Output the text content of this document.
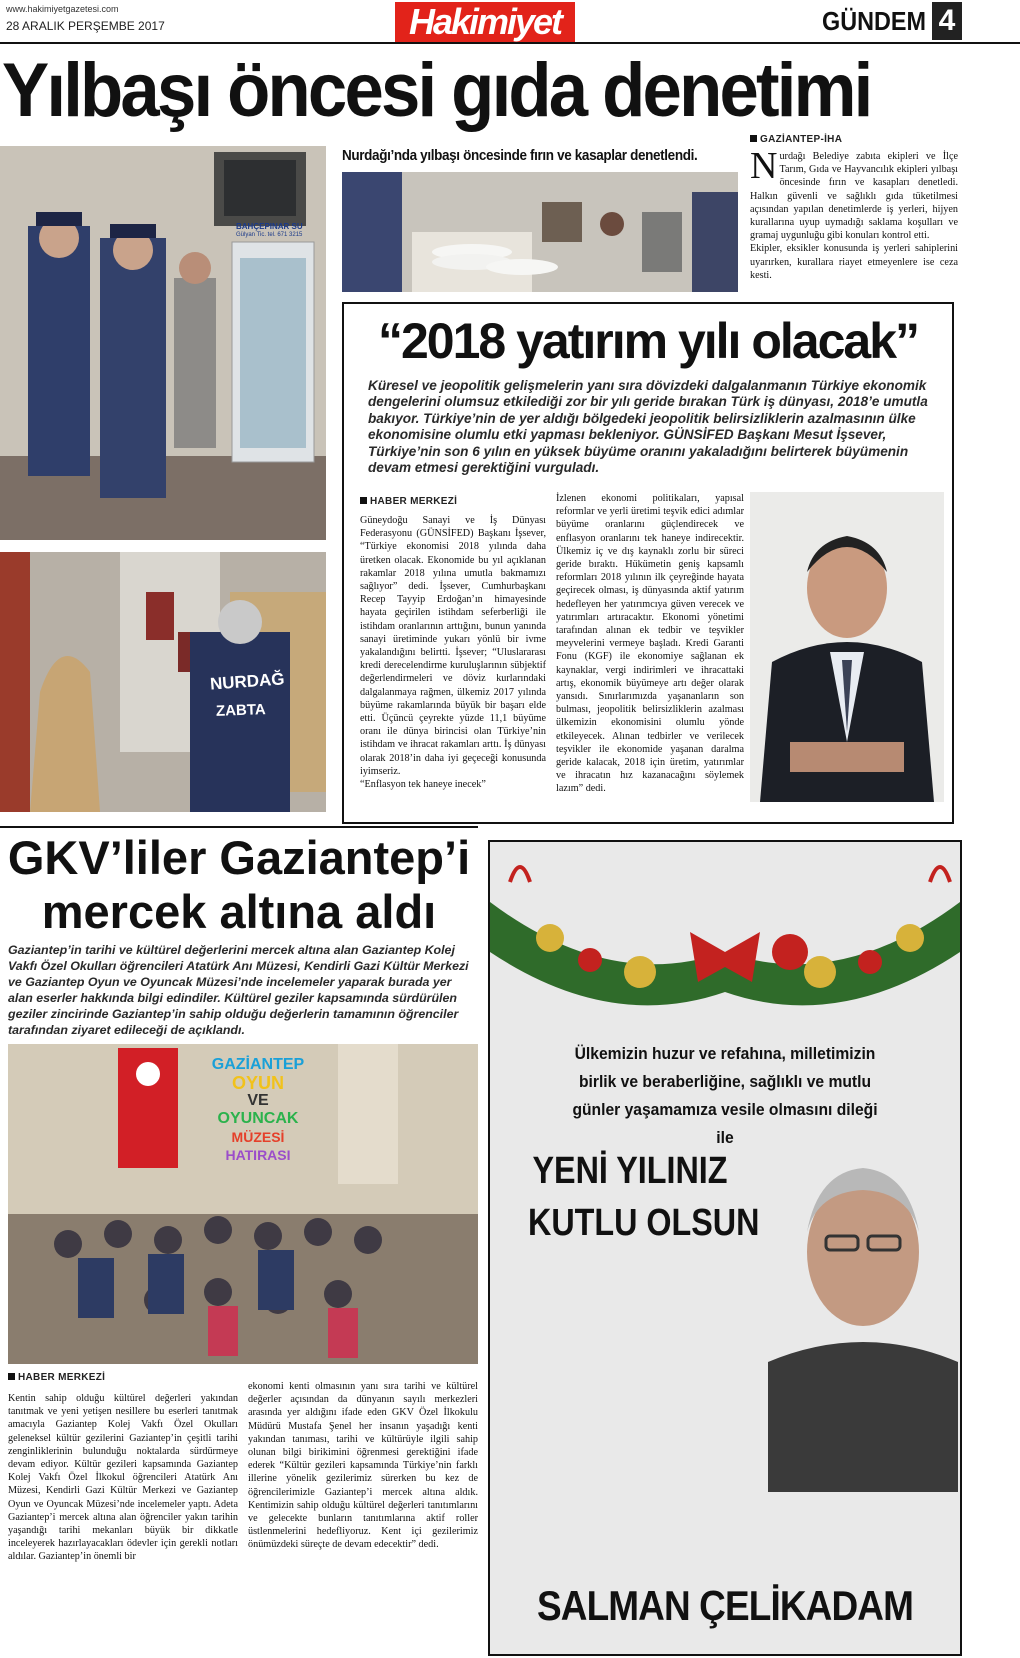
www.hakimiyetgazetesi.com
28 ARALIK PERŞEMBE 2017	Hakimiyet	GÜNDEM 4
Yılbaşı öncesi gıda denetimi
BAHÇEPINAR SU
Gülyan Tic. tel. 671 3215
NURDAĞ
ZABTA
Nurdağı’nda yılbaşı öncesinde fırın ve kasaplar denetlendi.
GAZİANTEP-İHA
N urdağı Belediye zabıta ekipleri ve İlçe Tarım, Gıda ve Hayvancılık ekipleri yılbaşı öncesinde fırın ve kasapları denetledi. Halkın güvenli ve sağlıklı gıda tüketilmesi açısından yapılan denetimlerde iş yerleri, hijyen kurallarına uyup uymadığı saklama koşulları ve gramaj uygunluğu gibi konuları kontrol etti.

Ekipler, eksikler konusunda iş yerleri sahiplerini uyarırken, kurallara riayet etmeyenlere ise ceza kesti.

“2018 yatırım yılı olacak”
Küresel ve jeopolitik gelişmelerin yanı sıra dövizdeki dalgalanmanın Türkiye ekonomik dengelerini olumsuz etkilediği zor bir yılı geride bırakan Türk iş dünyası, 2018’e umutla bakıyor. Türkiye’nin de yer aldığı bölgedeki jeopolitik belirsizliklerin azalmasının ülke ekonomisine olumlu etki yapması bekleniyor. GÜNSİFED Başkanı Mesut İşsever, Türkiye’nin son 6 yılın en yüksek büyüme oranını yakaladığını belirterek büyümenin devam etmesi gerektiğini vurguladı.
HABER MERKEZİ

Güneydoğu Sanayi ve İş Dünyası Federasyonu (GÜNSİFED) Başkanı İşsever, “Türkiye ekonomisi 2018 yılında daha üretken olacak. Ekonomide bu yıl açıklanan rakamlar 2018 yılına umutla bakmamızı sağlıyor” dedi. İşsever, Cumhurbaşkanı Recep Tayyip Erdoğan’ın himayesinde hayata geçirilen istihdam seferberliği ile istihdam oranlarının arttığını, bunun yanında sanayi üretiminde yukarı yönlü bir ivme yakalandığını belirtti. İşsever; “Uluslararası kredi derecelendirme kuruluşlarının sübjektif değerlendirmeleri ve döviz kurlarındaki dalgalanmaya rağmen, ülkemiz 2017 yılında büyüme rakamlarında büyük bir başarı elde etti. Üçüncü çeyrekte yüzde 11,1 büyüme oranı ile dünya birincisi olan Türkiye’nin istihdam ve ihracat rakamları arttı. İş dünyası olarak 2018’in daha iyi geçeceği konusunda iyimseriz.

“Enflasyon tek haneye inecek”

İzlenen ekonomi politikaları, yapısal reformlar ve yerli üretimi teşvik edici adımlar büyüme oranlarını güçlendirecek ve enflasyon oranlarını tek haneye indirecektir. Ülkemiz iç ve dış kaynaklı zorlu bir süreci geride bıraktı. Hükümetin geniş kapsamlı reformları 2018 yılının ilk çeyreğinde hayata geçirecek olması, iş dünyasında aktif yatırım hedefleyen her yatırımcıya güven verecek ve yatırımları artıracaktır. Ekonomi yönetimi tarafından alınan ek tedbir ve teşvikler meyvelerini vermeye başladı. Kredi Garanti Fonu (KGF) ile ekonomiye sağlanan ek kaynaklar, vergi indirimleri ve ihracattaki artış, ekonomik büyümeye artı değer olarak yansıdı. Sınırlarımızda yaşananların son bulması, jeopolitik belirsizliklerin azalması ülkemizin ekonomisini olumlu yönde etkileyecek. Alınan tedbirler ve verilecek teşvikler ile ekonomide yaşanan daralma geride kalacak, 2018 için üretim, yatırımlar ve ihracatın hız kazanacağını söylemek lazım” dedi.

GKV’liler Gaziantep’i
mercek altına aldı
Gaziantep’in tarihi ve kültürel değerlerini mercek altına alan Gaziantep Kolej Vakfı Özel Okulları öğrencileri Atatürk Anı Müzesi, Kendirli Gazi Kültür Merkezi ve Gaziantep Oyun ve Oyuncak Müzesi’nde incelemeler yaparak burada yer alan eserler hakkında bilgi edindiler. Kültürel geziler kapsamında sürdürülen geziler zincirinde Gaziantep’in sahip olduğu değerlerin tamamının öğrenciler tarafından ziyaret edileceği de açıklandı.
GAZİANTEP
OYUN
VE
OYUNCAK
MÜZESİ
HATIRASI
HABER MERKEZİ

Kentin sahip olduğu kültürel değerleri yakından tanıtmak ve yeni yetişen nesillere bu eserleri tanıtmak amacıyla Gaziantep Kolej Vakfı Özel Okulları geleneksel kültür gezilerini Gaziantep’in çeşitli tarihi zenginliklerinin bulunduğu noktalarda sürdürmeye devam ediyor. Kültür gezileri kapsamında Gaziantep Kolej Vakfı Özel İlkokul öğrencileri Atatürk Anı Müzesi, Kendirli Gazi Kültür Merkezi ve Gaziantep Oyun ve Oyuncak Müzesi’nde incelemeler yaptı. Adeta Gaziantep’i mercek altına alan öğrenciler yakın tarihin yaşandığı tarihi mekanları büyük bir dikkatle inceleyerek hazırlayacakları ödevler için gerekli notları aldılar. Gaziantep’in önemli bir

ekonomi kenti olmasının yanı sıra tarihi ve kültürel değerler açısından da dünyanın sayılı merkezleri arasında yer aldığını ifade eden GKV Özel İlkokulu Müdürü Mustafa Şenel her insanın yaşadığı kenti yakından tanıması, tarihi ve kültürüyle ilgili sahip olunan bilgi birikimini öğrenmesi gerektiğini ifade ederek “Kültür gezileri kapsamında Türkiye’nin farklı illerine yönelik gezilerimiz sürerken bu kez de öğrencilerimizle Gaziantep’i mercek altına aldık. Kentimizin sahip olduğu kültürel değerleri tanıtımlarını ve gelecekte bunların tanıtımlarına aktif roller üstlenmelerini hedefliyoruz. Kent içi gezilerimiz önümüzdeki süreçte de devam edecektir” dedi.

Ülkemizin huzur ve refahına, milletimizin birlik ve beraberliğine, sağlıklı ve mutlu günler yaşamamıza vesile olmasını dileği ile
YENİ YILINIZ
KUTLU OLSUN
SALMAN ÇELİKADAM
